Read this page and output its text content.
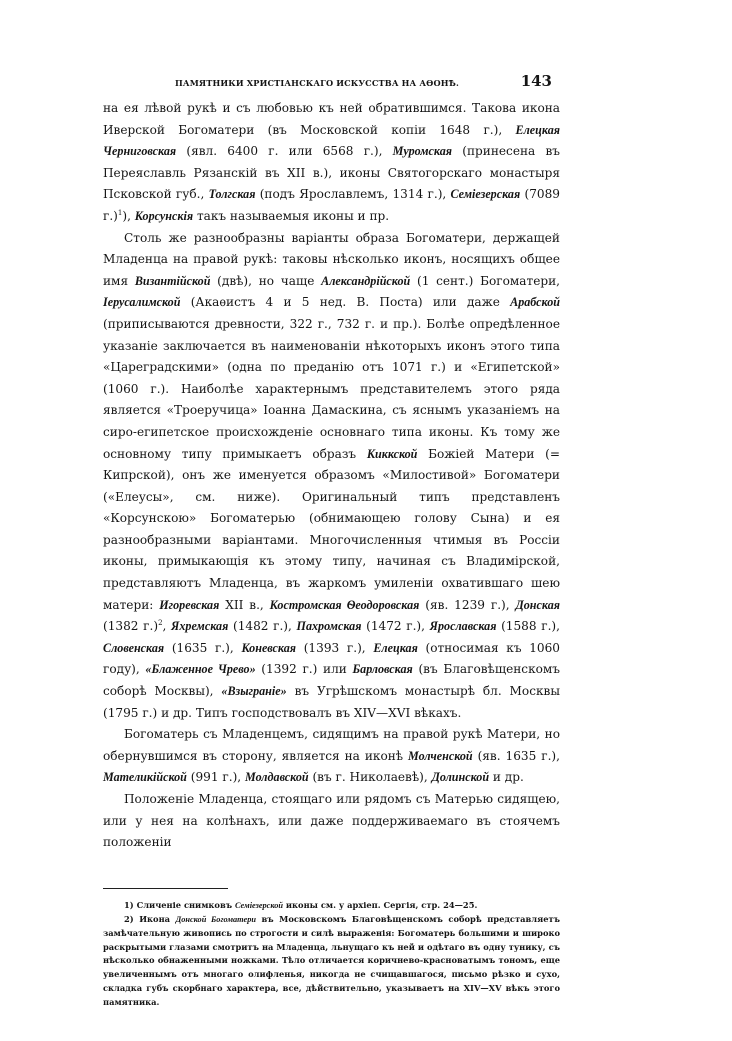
ПАМЯТНИКИ ХРИСТІАНСКАГО ИСКУССТВА НА АѲОНѢ.	143

на ея лѣвой рукѣ и съ любовью къ ней обратившимся. Такова икона Иверской Богоматери (въ Московской копіи 1648 г.), Елецкая Черниговская (явл. 6400 г. или 6568 г.), Муромская (принесена въ Переяславль Рязанскій въ XII в.), иконы Святогорскаго монастыря Псковской губ., Толгская (подъ Ярославлемъ, 1314 г.), Семіезерская (7089 г.)$^1$), Корсунскія такъ называемыя иконы и пр.

Столь же разнообразны варіанты образа Богоматери, держащей Младенца на правой рукѣ: таковы нѣсколько иконъ, носящихъ общее имя Византійской (двѣ), но чаще Александрійской (1 сент.) Богоматери, Іерусалимской (Акаѳистъ 4 и 5 нед. В. Поста) или даже Арабской (приписываются древности, 322 г., 732 г. и пр.). Болѣе опредѣленное указаніе заключается въ наименованіи нѣкоторыхъ иконъ этого типа «Цареградскими» (одна по преданію отъ 1071 г.) и «Египетской» (1060 г.). Наиболѣе характернымъ представителемъ этого ряда является «Троеручица» Іоанна Дамаскина, съ яснымъ указаніемъ на сиро-египетское происхожденіе основнаго типа иконы. Къ тому же основному типу примыкаетъ образъ Киккской Божіей Матери (= Кипрской), онъ же именуется образомъ «Милостивой» Богоматери («Елеусы», см. ниже). Оригинальный типъ представленъ «Корсунскою» Богоматерью (обнимающею голову Сына) и ея разнообразными варіантами. Многочисленныя чтимыя въ Россіи иконы, примыкающія къ этому типу, начиная съ Владимірской, представляютъ Младенца, въ жаркомъ умиленіи охватившаго шею матери: Игоревская XII в., Костромская Ѳеодоровская (яв. 1239 г.), Донская (1382 г.)$^2$, Яхремская (1482 г.), Пахромская (1472 г.), Ярославская (1588 г.), Словенская (1635 г.), Коневская (1393 г.), Елецкая (относимая къ 1060 году), «Блаженное Чрево» (1392 г.) или Барловская (въ Благовѣщенскомъ соборѣ Москвы), «Взыграніе» въ Угрѣшскомъ монастырѣ бл. Москвы (1795 г.) и др. Типъ господствовалъ въ XIV—XVI вѣкахъ.

Богоматерь съ Младенцемъ, сидящимъ на правой рукѣ Матери, но обернувшимся въ сторону, является на иконѣ Молченской (яв. 1635 г.), Мателикійской (991 г.), Молдавской (въ г. Николаевѣ), Долинской и др.

Положеніе Младенца, стоящаго или рядомъ съ Матерью сидящею, или у нея на колѣнахъ, или даже поддерживаемаго въ стоячемъ положеніи

1) Сличеніе снимковъ Семіезерской иконы см. у архіеп. Сергія, стр. 24—25.

2) Икона Донской Богоматери въ Московскомъ Благовѣщенскомъ соборѣ представляетъ замѣчательную живопись по строгости и силѣ выраженія: Богоматерь большими и широко раскрытыми глазами смотритъ на Младенца, льнущаго къ ней и одѣтаго въ одну тунику, съ нѣсколько обнаженными ножками. Тѣло отличается коричнево-красноватымъ тономъ, еще увеличеннымъ отъ многаго олифленья, никогда не счищавшагося, письмо рѣзко и сухо, складка губъ скорбнаго характера, все, дѣйствительно, указываетъ на XIV—XV вѣкъ этого памятника.
